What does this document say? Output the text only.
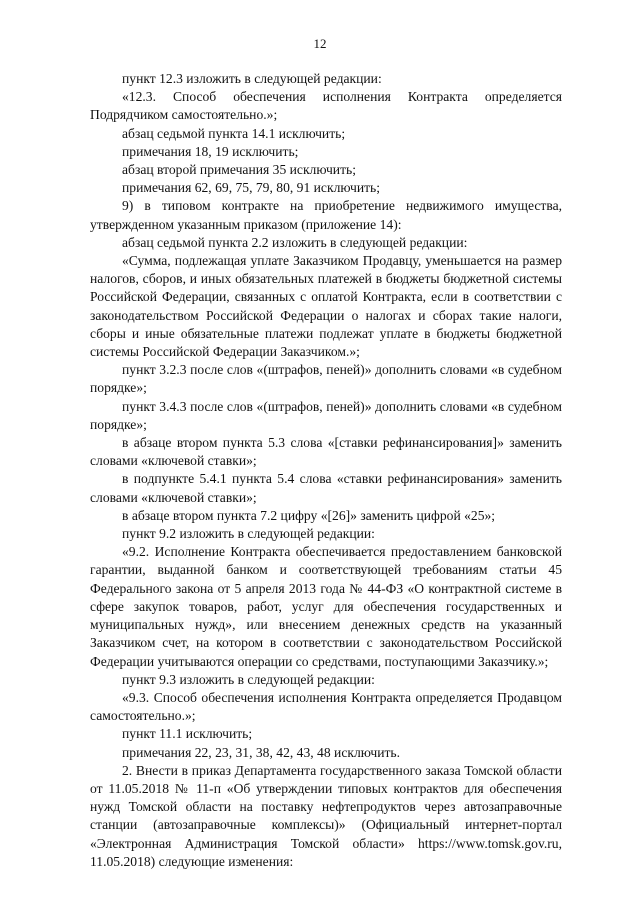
12

пункт 12.3 изложить в следующей редакции:

«12.3. Способ обеспечения исполнения Контракта определяется Подрядчиком самостоятельно.»;

абзац седьмой пункта 14.1 исключить;

примечания 18, 19 исключить;

абзац второй примечания 35 исключить;

примечания 62, 69, 75, 79, 80, 91 исключить;

9) в типовом контракте на приобретение недвижимого имущества, утвержденном указанным приказом (приложение 14):

абзац седьмой пункта 2.2 изложить в следующей редакции:

«Сумма, подлежащая уплате Заказчиком Продавцу, уменьшается на размер налогов, сборов, и иных обязательных платежей в бюджеты бюджетной системы Российской Федерации, связанных с оплатой Контракта, если в соответствии с законодательством Российской Федерации о налогах и сборах такие налоги, сборы и иные обязательные платежи подлежат уплате в бюджеты бюджетной системы Российской Федерации Заказчиком.»;

пункт 3.2.3 после слов «(штрафов, пеней)» дополнить словами «в судебном порядке»;

пункт 3.4.3 после слов «(штрафов, пеней)» дополнить словами «в судебном порядке»;

в абзаце втором пункта 5.3 слова «[ставки рефинансирования]» заменить словами «ключевой ставки»;

в подпункте 5.4.1 пункта 5.4 слова «ставки рефинансирования» заменить словами «ключевой ставки»;

в абзаце втором пункта 7.2 цифру «[26]» заменить цифрой «25»;

пункт 9.2 изложить в следующей редакции:

«9.2. Исполнение Контракта обеспечивается предоставлением банковской гарантии, выданной банком и соответствующей требованиям статьи 45 Федерального закона от 5 апреля 2013 года № 44-ФЗ «О контрактной системе в сфере закупок товаров, работ, услуг для обеспечения государственных и муниципальных нужд», или внесением денежных средств на указанный Заказчиком счет, на котором в соответствии с законодательством Российской Федерации учитываются операции со средствами, поступающими Заказчику.»;

пункт 9.3 изложить в следующей редакции:

«9.3. Способ обеспечения исполнения Контракта определяется Продавцом самостоятельно.»;

пункт 11.1 исключить;

примечания 22, 23, 31, 38, 42, 43, 48 исключить.

2. Внести в приказ Департамента государственного заказа Томской области от 11.05.2018 № 11-п «Об утверждении типовых контрактов для обеспечения нужд Томской области на поставку нефтепродуктов через автозаправочные станции (автозаправочные комплексы)» (Официальный интернет-портал «Электронная Администрация Томской области» https://www.tomsk.gov.ru, 11.05.2018) следующие изменения:
